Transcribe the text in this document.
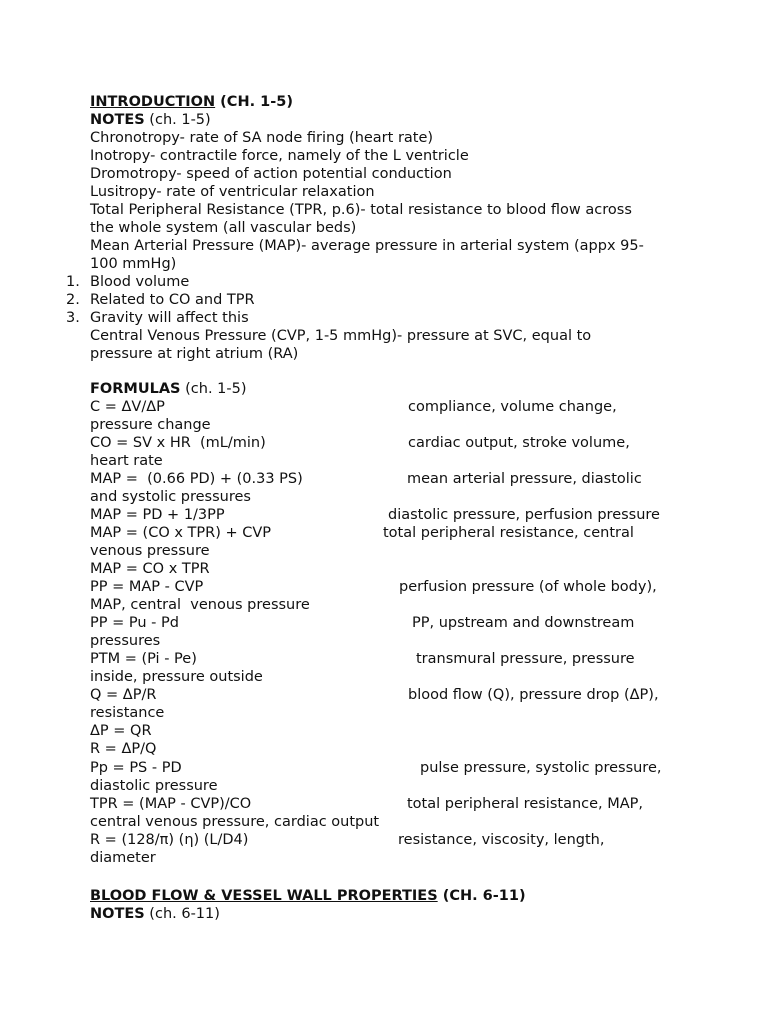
INTRODUCTION (CH. 1-5)
NOTES (ch. 1-5)
Chronotropy- rate of SA node firing (heart rate)
Inotropy- contractile force, namely of the L ventricle
Dromotropy- speed of action potential conduction
Lusitropy- rate of ventricular relaxation
Total Peripheral Resistance (TPR, p.6)- total resistance to blood flow across
the whole system (all vascular beds)
Mean Arterial Pressure (MAP)- average pressure in arterial system (appx 95-
100 mmHg)
1. Blood volume
2. Related to CO and TPR
3. Gravity will affect this
Central Venous Pressure (CVP, 1-5 mmHg)- pressure at SVC, equal to
pressure at right atrium (RA)
FORMULAS (ch. 1-5)
C = ΔV/ΔP	compliance, volume change,
pressure change
CO = SV x HR  (mL/min)	cardiac output, stroke volume,
heart rate
MAP =  (0.66 PD) + (0.33 PS)	mean arterial pressure, diastolic
and systolic pressures
MAP = PD + 1/3PP	diastolic pressure, perfusion pressure
MAP = (CO x TPR) + CVP	total peripheral resistance, central
venous pressure
MAP = CO x TPR
PP = MAP - CVP	perfusion pressure (of whole body),
MAP, central  venous pressure
PP = Pu - Pd	PP, upstream and downstream
pressures
PTM = (Pi - Pe)	transmural pressure, pressure
inside, pressure outside
Q = ΔP/R	blood flow (Q), pressure drop (ΔP),
resistance
ΔP = QR
R = ΔP/Q
Pp = PS - PD	pulse pressure, systolic pressure,
diastolic pressure
TPR = (MAP - CVP)/CO	total peripheral resistance, MAP,
central venous pressure, cardiac output
R = (128/π) (η) (L/D4)	resistance, viscosity, length,
diameter
BLOOD FLOW & VESSEL WALL PROPERTIES (CH. 6-11)
NOTES (ch. 6-11)
